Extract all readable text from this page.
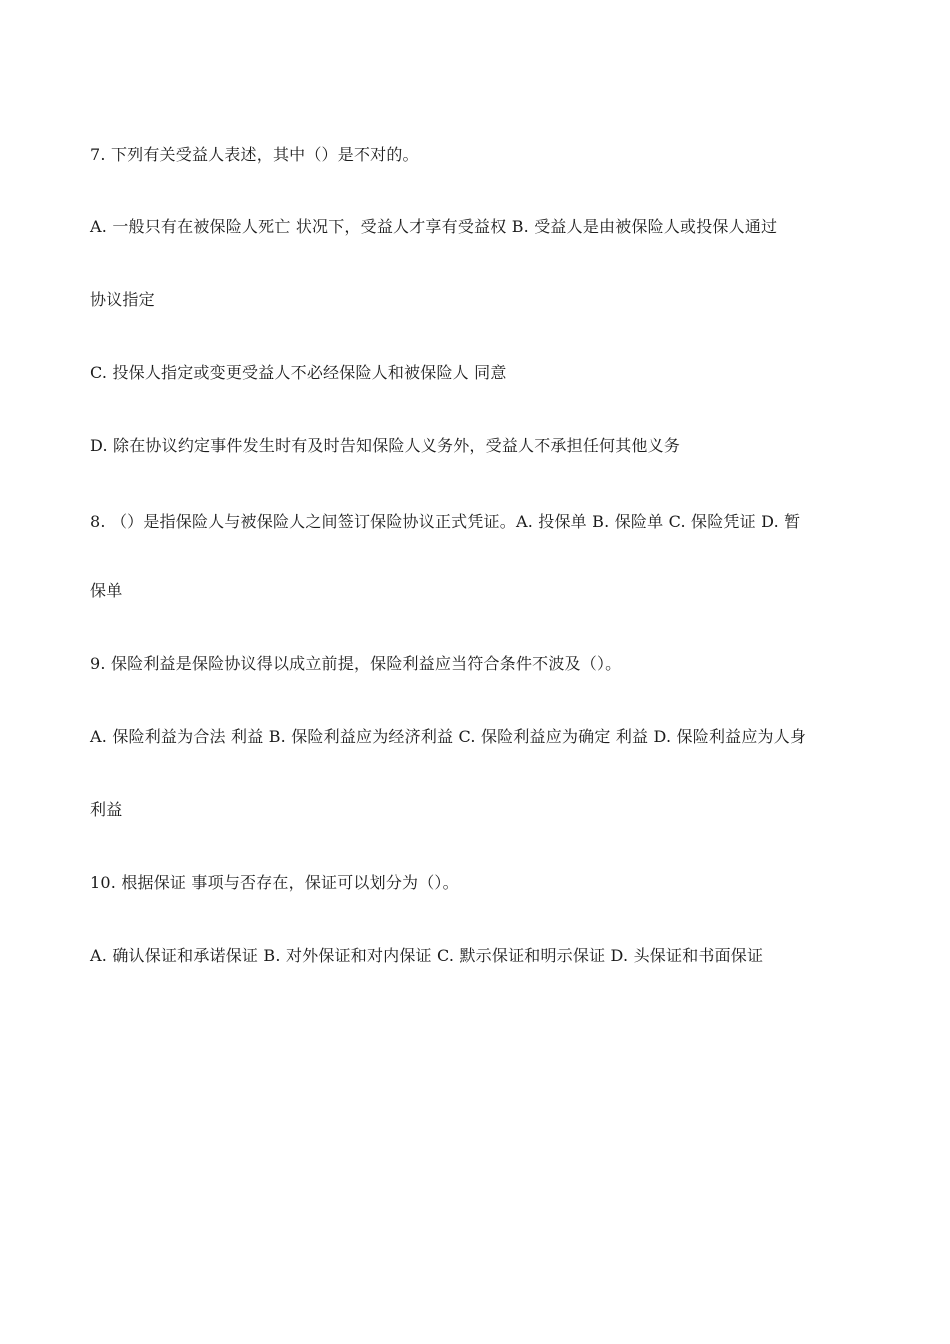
7. 下列有关受益人表述，其中（）是不对的。
A. 一般只有在被保险人死亡 状况下，受益人才享有受益权 B. 受益人是由被保险人或投保人通过
协议指定
C. 投保人指定或变更受益人不必经保险人和被保险人 同意
D. 除在协议约定事件发生时有及时告知保险人义务外，受益人不承担任何其他义务
8. （）是指保险人与被保险人之间签订保险协议正式凭证。A. 投保单 B. 保险单 C. 保险凭证 D. 暂
保单
9. 保险利益是保险协议得以成立前提，保险利益应当符合条件不波及（）。
A. 保险利益为合法 利益 B. 保险利益应为经济利益 C. 保险利益应为确定 利益 D. 保险利益应为人身
利益
10. 根据保证 事项与否存在，保证可以划分为（）。
A. 确认保证和承诺保证 B. 对外保证和对内保证 C. 默示保证和明示保证 D. 头保证和书面保证
